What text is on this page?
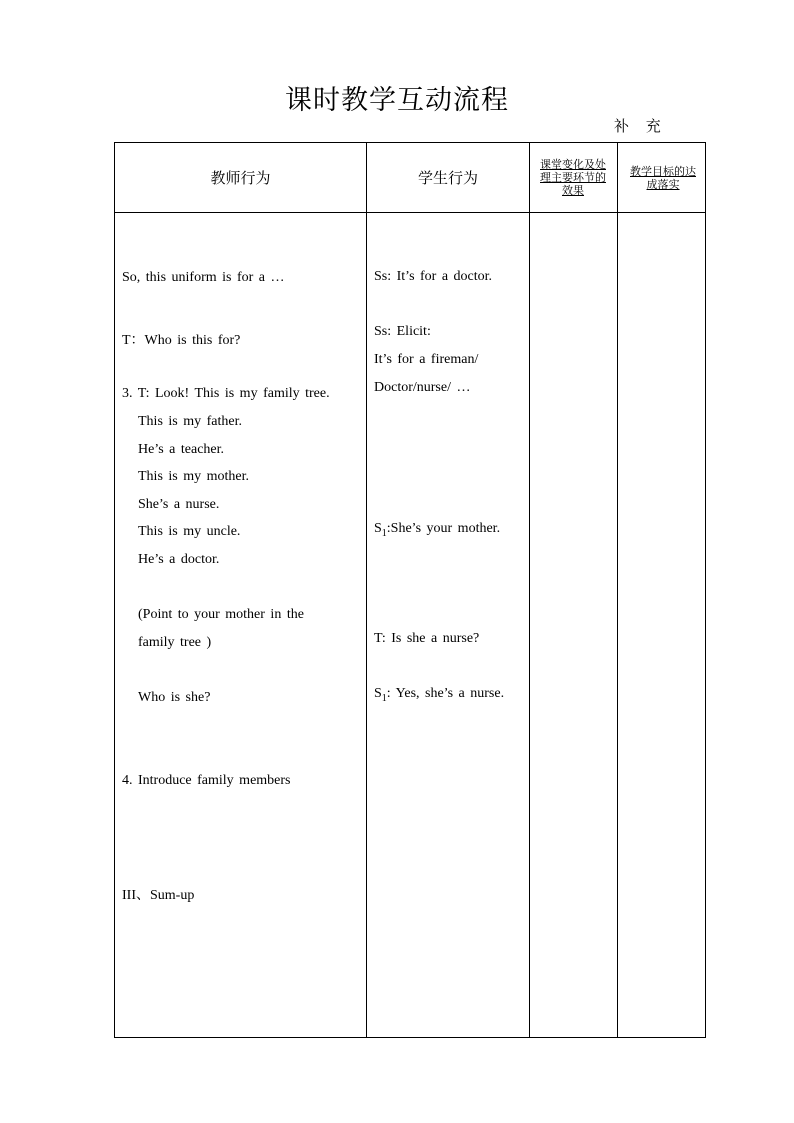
课时教学互动流程
补 充
教师行为	学生行为
课堂变化及处理主要环节的效果
教学目标的达成落实
So, this uniform is for a …
T：Who is this for?
3. T: Look! This is my family tree.
This is my father.
He’s a teacher.
This is my mother.
She’s a nurse.
This is my uncle.
He’s a doctor.
(Point to your mother in the
family tree )
Who is she?
4. Introduce family members
III、Sum-up
Ss: It’s for a doctor.
Ss: Elicit:
It’s for a fireman/
Doctor/nurse/ …
$S_1:She’s$ your mother.
T: Is she a nurse?
$S_1$: Yes, she’s a nurse.
